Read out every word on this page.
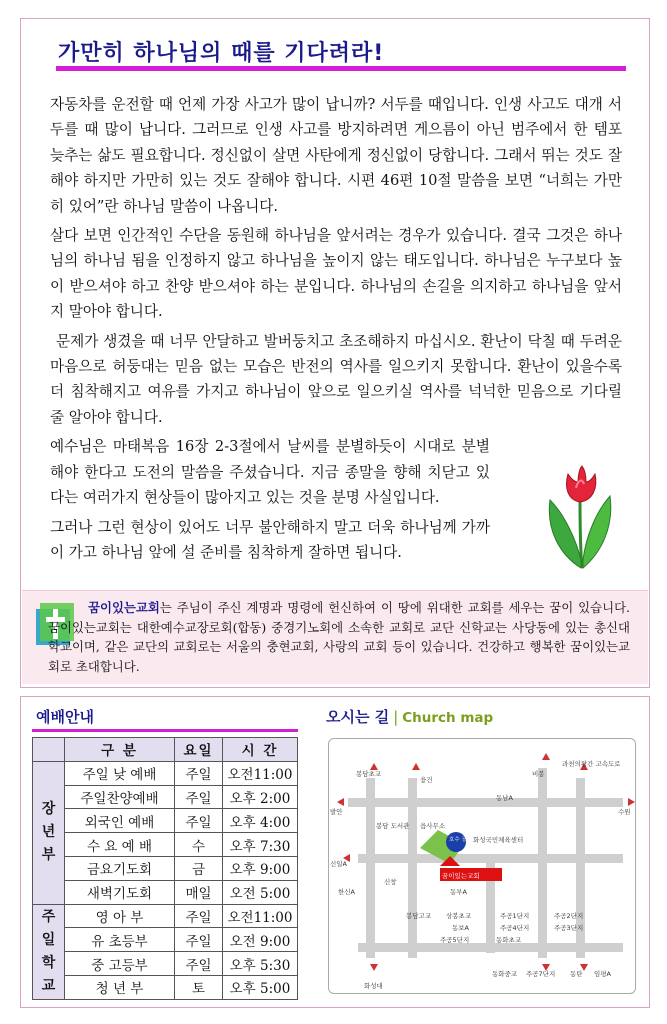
가만히 하나님의 때를 기다려라!

자동차를 운전할 때 언제 가장 사고가 많이 납니까? 서두를 때입니다. 인생 사고도 대개 서두를 때 많이 납니다. 그러므로 인생 사고를 방지하려면 게으름이 아닌 범주에서 한 템포 늦추는 삶도 필요합니다. 정신없이 살면 사탄에게 정신없이 당합니다. 그래서 뛰는 것도 잘해야 하지만 가만히 있는 것도 잘해야 합니다. 시편 46편 10절 말씀을 보면 “너희는 가만히 있어”란 하나님 말씀이 나옵니다.

살다 보면 인간적인 수단을 동원해 하나님을 앞서려는 경우가 있습니다. 결국 그것은 하나님의 하나님 됨을 인정하지 않고 하나님을 높이지 않는 태도입니다. 하나님은 누구보다 높이 받으셔야 하고 찬양 받으셔야 하는 분입니다. 하나님의 손길을 의지하고 하나님을 앞서지 말아야 합니다.

문제가 생겼을 때 너무 안달하고 발버둥치고 초조해하지 마십시오. 환난이 닥칠 때 두려운 마음으로 허둥대는 믿음 없는 모습은 반전의 역사를 일으키지 못합니다. 환난이 있을수록 더 침착해지고 여유를 가지고 하나님이 앞으로 일으키실 역사를 넉넉한 믿음으로 기다릴 줄 알아야 합니다.

예수님은 마태복음 16장 2-3절에서 날씨를 분별하듯이 시대로 분별해야 한다고 도전의 말씀을 주셨습니다. 지금 종말을 향해 치닫고 있다는 여러가지 현상들이 많아지고 있는 것을 분명 사실입니다.

그러나 그런 현상이 있어도 너무 불안해하지 말고 더욱 하나님께 가까이 가고 하나님 앞에 설 준비를 침착하게 잘하면 됩니다.

꿈이있는교회는 주님이 주신 계명과 명령에 헌신하여 이 땅에 위대한 교회를 세우는 꿈이 있습니다. 꿈이있는교회는 대한예수교장로회(합동) 중경기노회에 소속한 교회로 교단 신학교는 사당동에 있는 총신대학교이며, 같은 교단의 교회로는 서울의 충현교회, 사랑의 교회 등이 있습니다. 건강하고 행복한 꿈이있는교회로 초대합니다.
예배안내
	구 분	요일	시 간

장
년
부	주일 낮 예배	주일	오전11:00
	주일찬양예배	주일	오후 2:00
	외국인 예배	주일	오후 4:00
	수 요 예 배	수	오후 7:30
	금요기도회	금	오후 9:00
	새벽기도회	매일	오전 5:00

주
일
학
교	영 아 부	주일	오전11:00
	유 초등부	주일	오전 9:00
	중 고등부	주일	오후 5:30
	청 년 부	토	오후 5:00
오시는 길 | Church map
봉담초교
융건
비봉
과천의왕간 고속도로
수원
발안
동남A
봉담 도서관 읍사무소
화성국민체육센터
호수 공원
꿈이있는교회
신일A
신창
한신A	동부A
봉담고교 상봉초교	주공1단지	주공2단지
동보A	주공4단지	주공3단지
주공5단지	동화초교
동화중교 주공7단지 동탄 임평A
화성대
